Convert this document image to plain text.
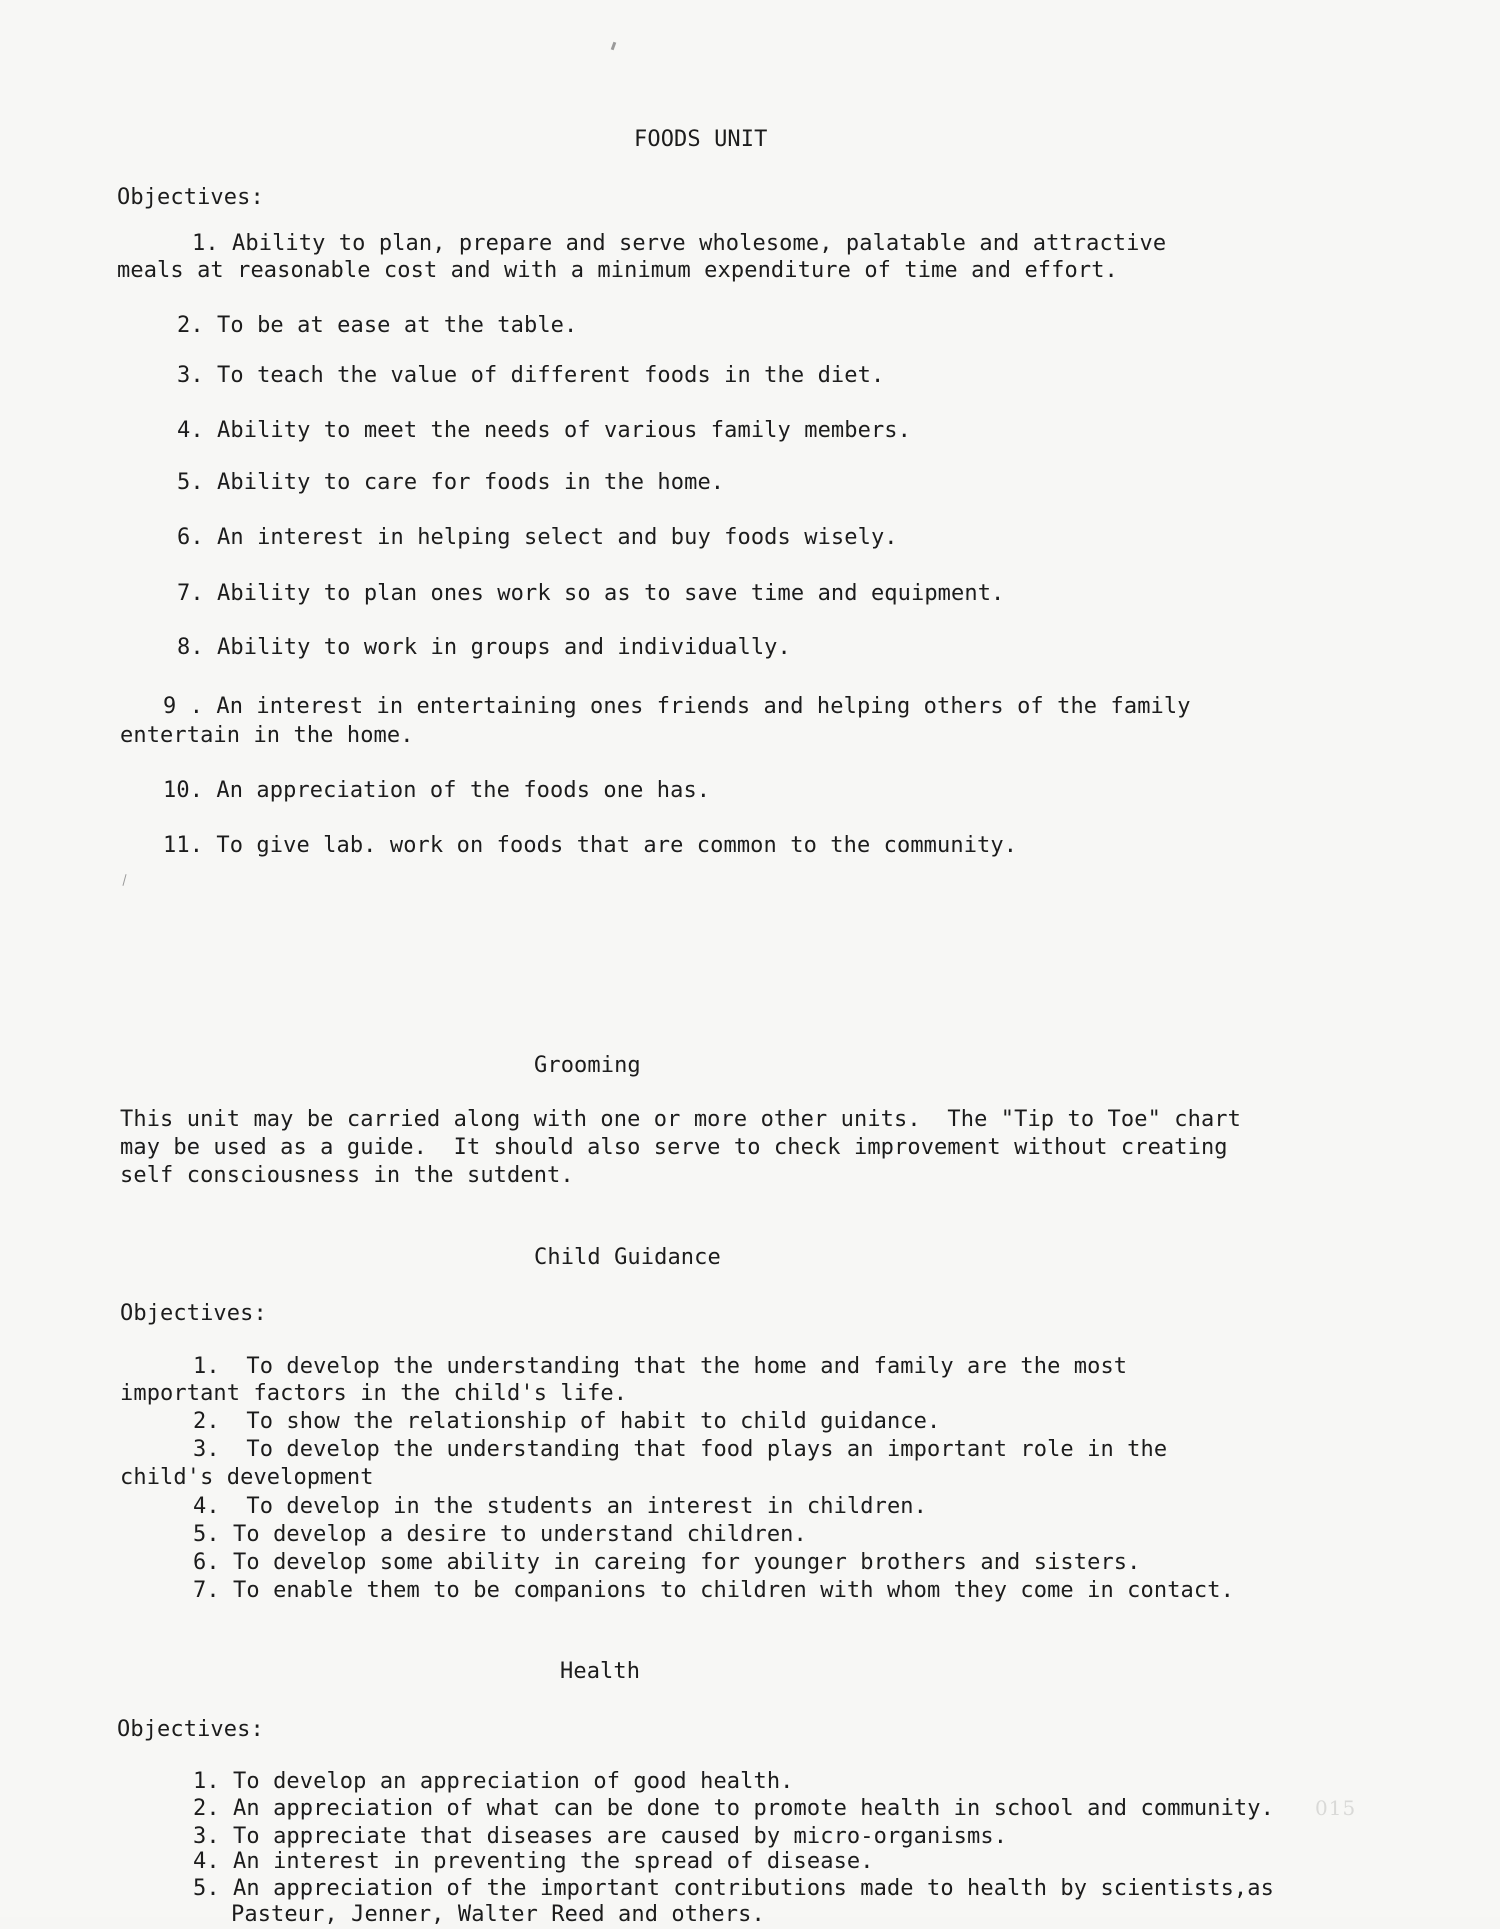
FOODS UNIT
Objectives:
1. Ability to plan, prepare and serve wholesome, palatable and attractive
meals at reasonable cost and with a minimum expenditure of time and effort.
2. To be at ease at the table.
3. To teach the value of different foods in the diet.
4. Ability to meet the needs of various family members.
5. Ability to care for foods in the home.
6. An interest in helping select and buy foods wisely.
7. Ability to plan ones work so as to save time and equipment.
8. Ability to work in groups and individually.
9 . An interest in entertaining ones friends and helping others of the family
entertain in the home.
10. An appreciation of the foods one has.
11. To give lab. work on foods that are common to the community.
Grooming
This unit may be carried along with one or more other units.  The "Tip to Toe" chart
may be used as a guide.  It should also serve to check improvement without creating
self consciousness in the sutdent.
Child Guidance
Objectives:
1.  To develop the understanding that the home and family are the most
important factors in the child's life.
2.  To show the relationship of habit to child guidance.
3.  To develop the understanding that food plays an important role in the
child's development
4.  To develop in the students an interest in children.
5. To develop a desire to understand children.
6. To develop some ability in careing for younger brothers and sisters.
7. To enable them to be companions to children with whom they come in contact.
Health
Objectives:
1. To develop an appreciation of good health.
2. An appreciation of what can be done to promote health in school and community.
3. To appreciate that diseases are caused by micro-organisms.
4. An interest in preventing the spread of disease.
5. An appreciation of the important contributions made to health by scientists,as
Pasteur, Jenner, Walter Reed and others.
015
